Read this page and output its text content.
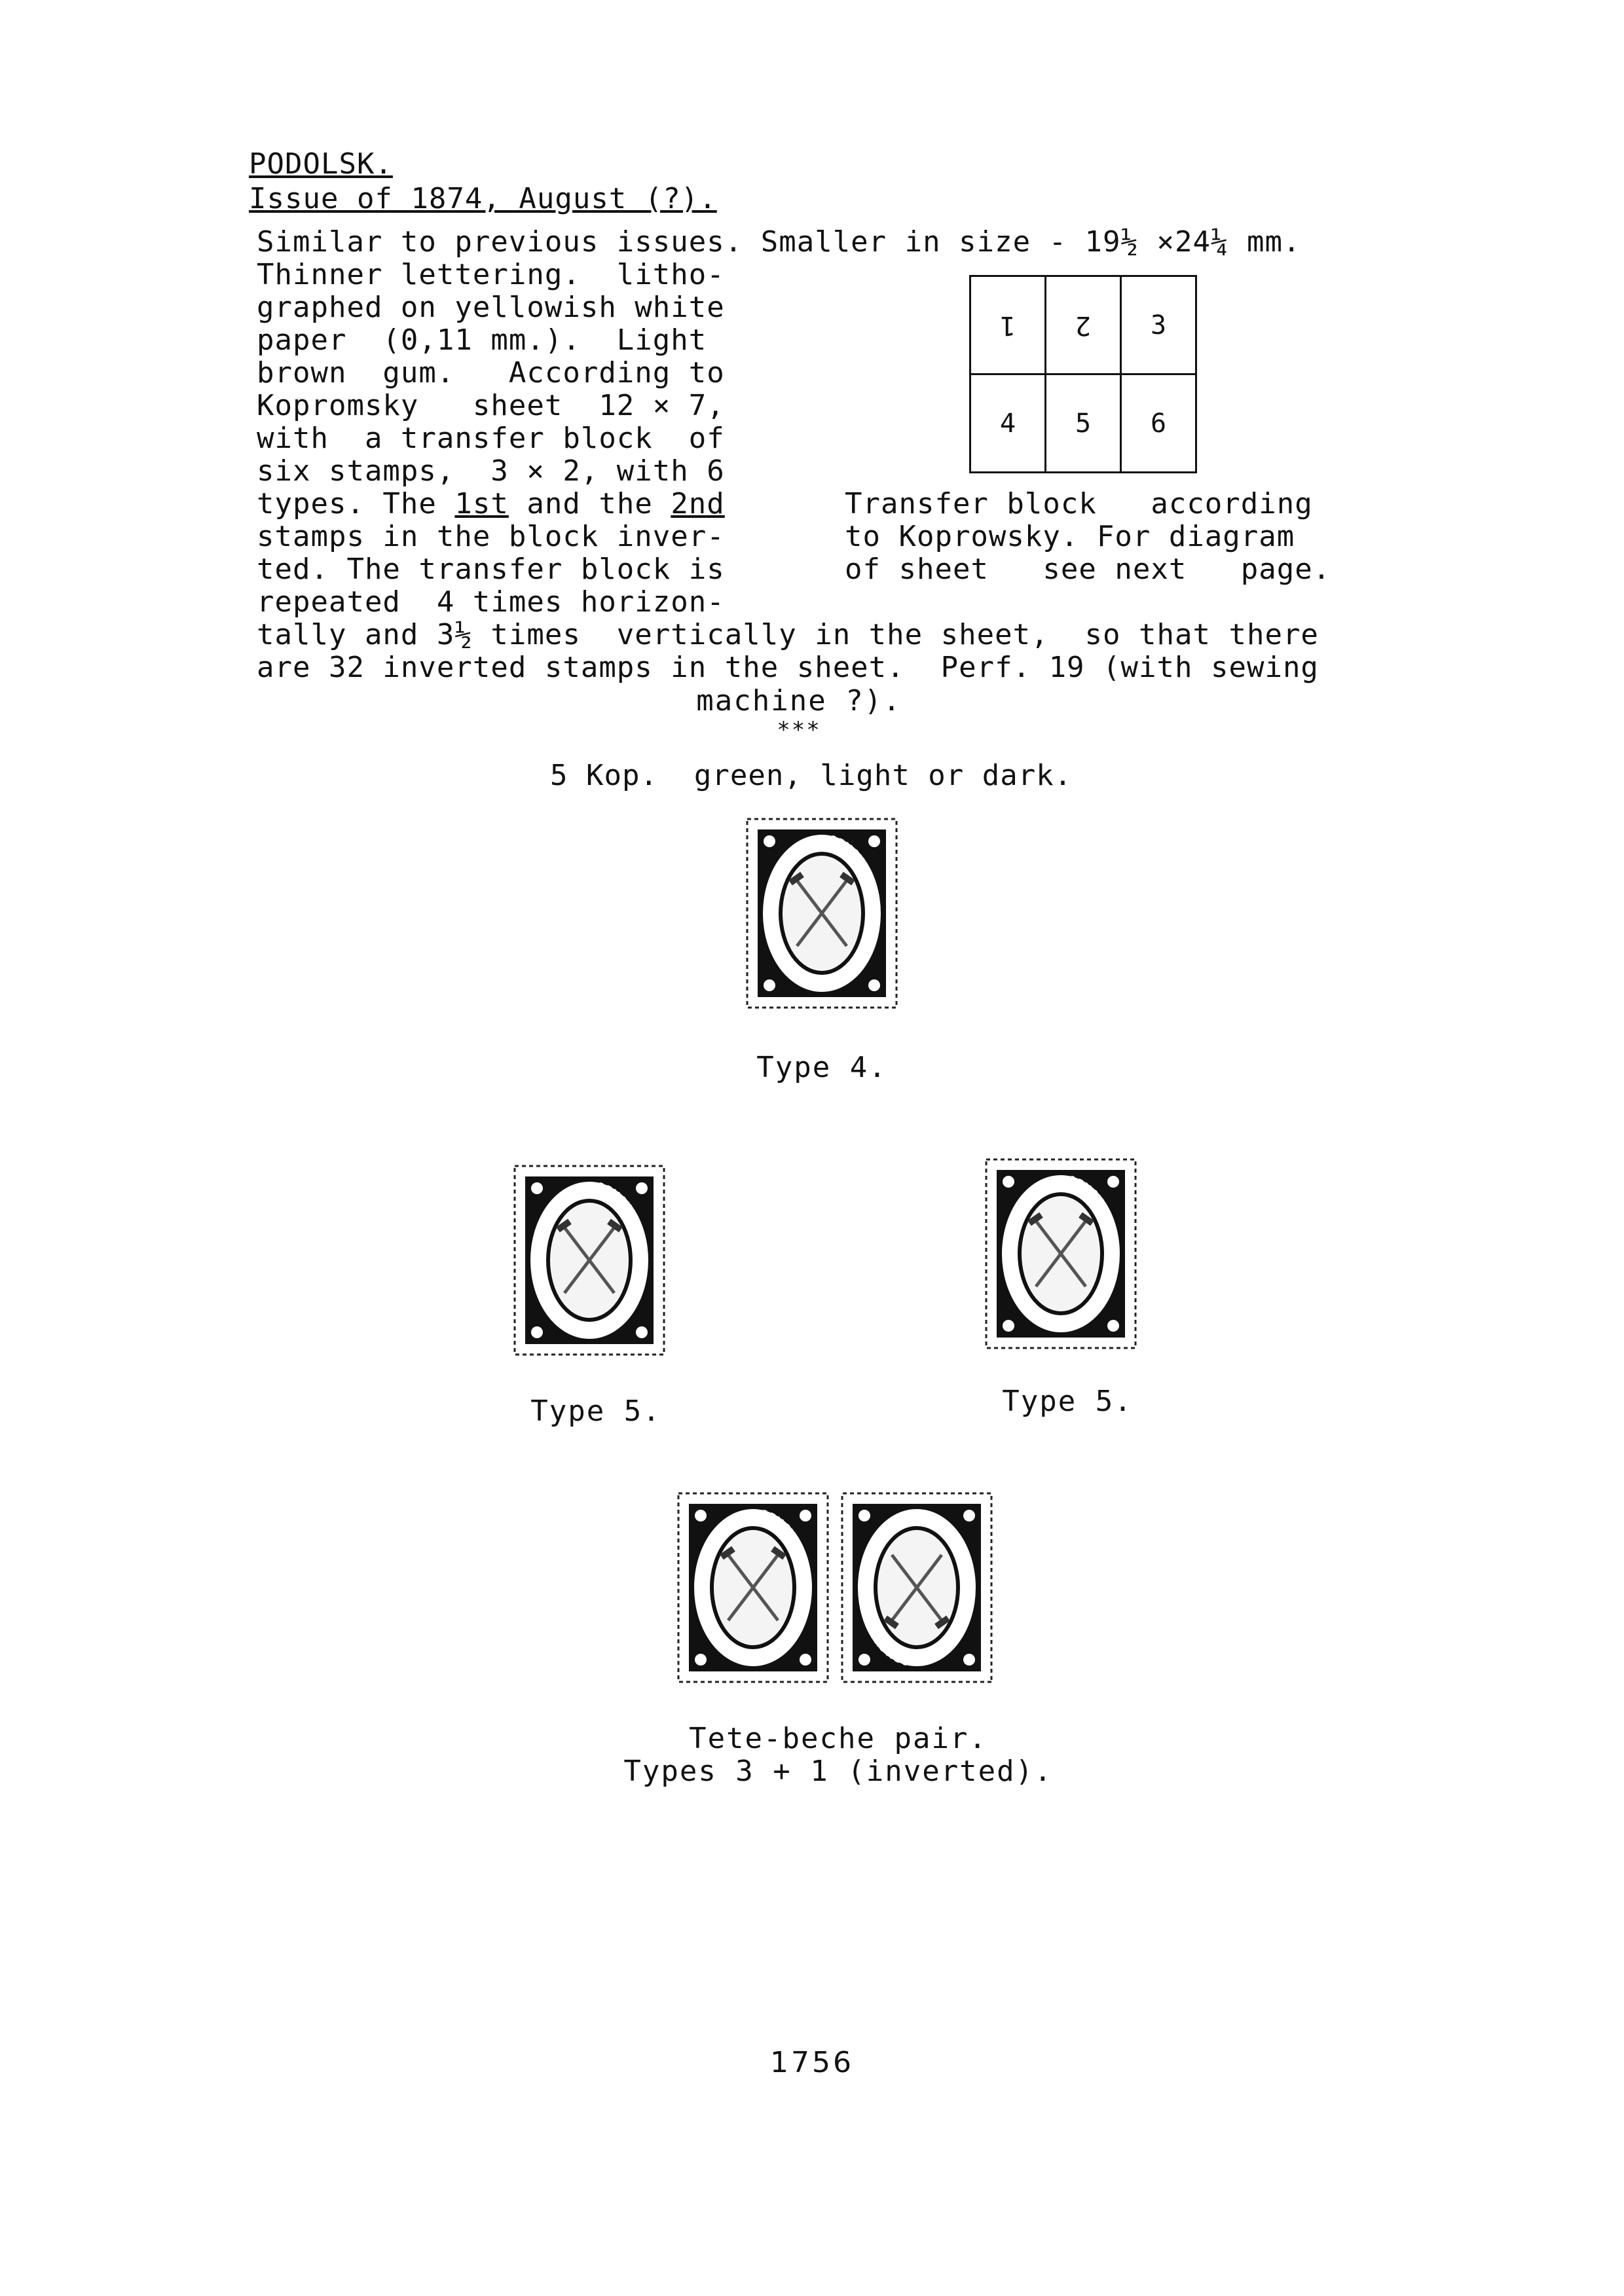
PODOLSK.
Issue of 1874, August (?).
Similar to previous issues. Smaller in size - 19½ ×24¼ mm.
Thinner lettering.  litho-
graphed on yellowish white
paper  (0,11 mm.).  Light
brown  gum.   According to
Kopromsky   sheet  12 × 7,
with  a transfer block  of
six stamps,  3 × 2, with 6
types. The 1st and the 2nd
stamps in the block inver-
ted. The transfer block is
repeated  4 times horizon-
1	2	3
4	5	6
Transfer block   according
to Koprowsky. For diagram
of sheet   see next   page.
tally and 3½ times  vertically in the sheet,  so that there
are 32 inverted stamps in the sheet.  Perf. 19 (with sewing
machine ?).
***
5 Kop.  green, light or dark.
ЗЕМСКАЯ ПОЧТА ПОДОЛЬСКАГО УѢЗДА
Type 4.
ЗЕМСКАЯ ПОЧТА ПОДОЛЬСКАГО УѢЗДА
Type 5.
ЗЕМСКАЯ ПОЧТА ПОДОЛЬСКАГО УѢЗДА
Type 5.
ЗЕМСКАЯ ПОЧТА ПОДОЛЬСКАГО УѢЗДА
ЗЕМСКАЯ ПОЧТА ПОДОЛЬСКАГО УѢЗДА
Tete-beche pair.
Types 3 + 1 (inverted).
1756
